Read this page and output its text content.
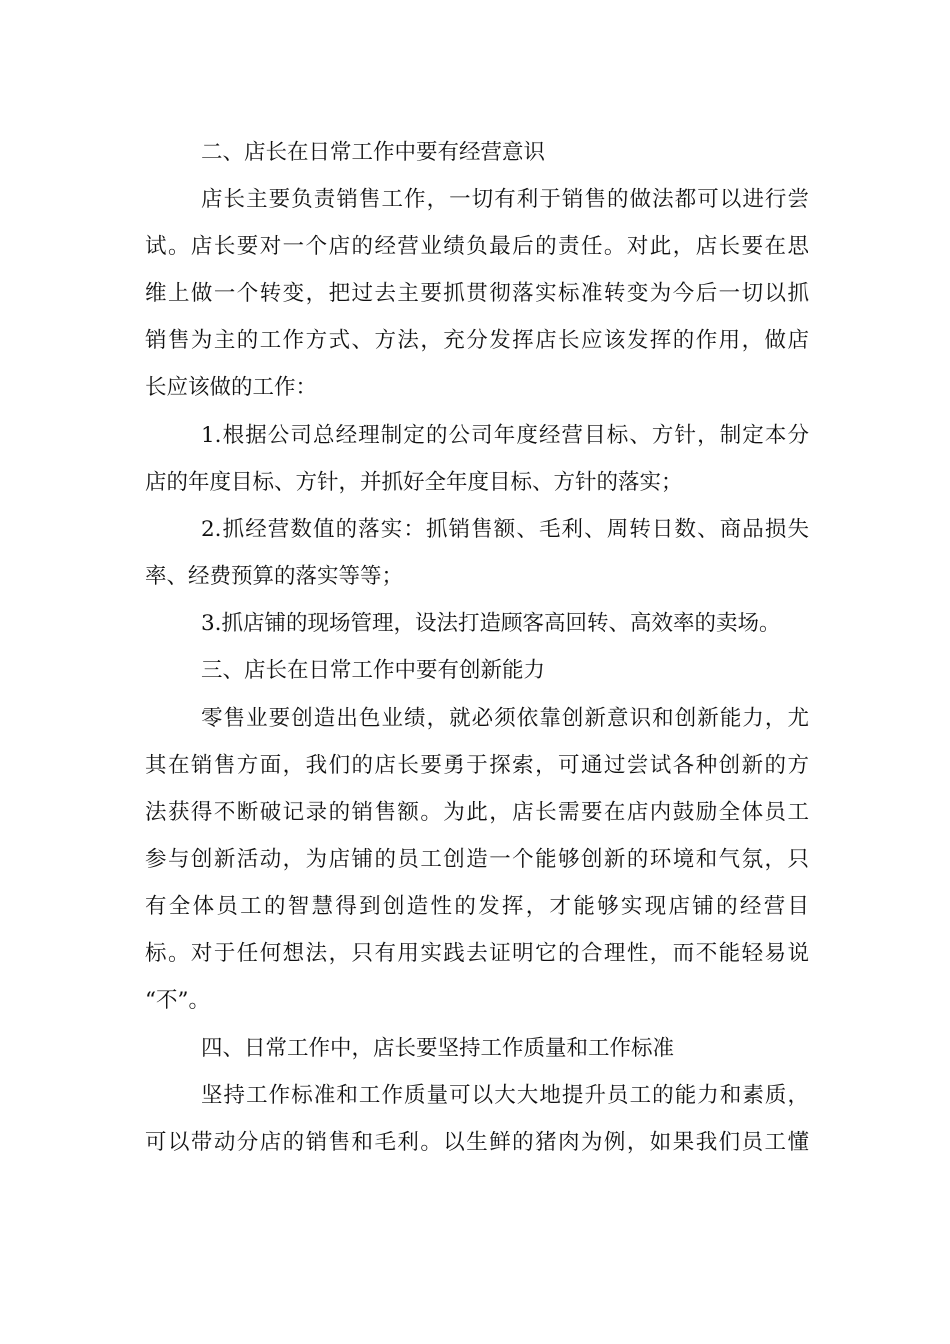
二、店长在日常工作中要有经营意识
店长主要负责销售工作，一切有利于销售的做法都可以进行尝
试。店长要对一个店的经营业绩负最后的责任。对此，店长要在思
维上做一个转变，把过去主要抓贯彻落实标准转变为今后一切以抓
销售为主的工作方式、方法，充分发挥店长应该发挥的作用，做店
长应该做的工作：
1.根据公司总经理制定的公司年度经营目标、方针，制定本分
店的年度目标、方针，并抓好全年度目标、方针的落实；
2.抓经营数值的落实：抓销售额、毛利、周转日数、商品损失
率、经费预算的落实等等；
3.抓店铺的现场管理，设法打造顾客高回转、高效率的卖场。
三、店长在日常工作中要有创新能力
零售业要创造出色业绩，就必须依靠创新意识和创新能力，尤
其在销售方面，我们的店长要勇于探索，可通过尝试各种创新的方
法获得不断破记录的销售额。为此，店长需要在店内鼓励全体员工
参与创新活动，为店铺的员工创造一个能够创新的环境和气氛，只
有全体员工的智慧得到创造性的发挥，才能够实现店铺的经营目
标。对于任何想法，只有用实践去证明它的合理性，而不能轻易说
“不”。
四、日常工作中，店长要坚持工作质量和工作标准
坚持工作标准和工作质量可以大大地提升员工的能力和素质，
可以带动分店的销售和毛利。以生鲜的猪肉为例，如果我们员工懂
